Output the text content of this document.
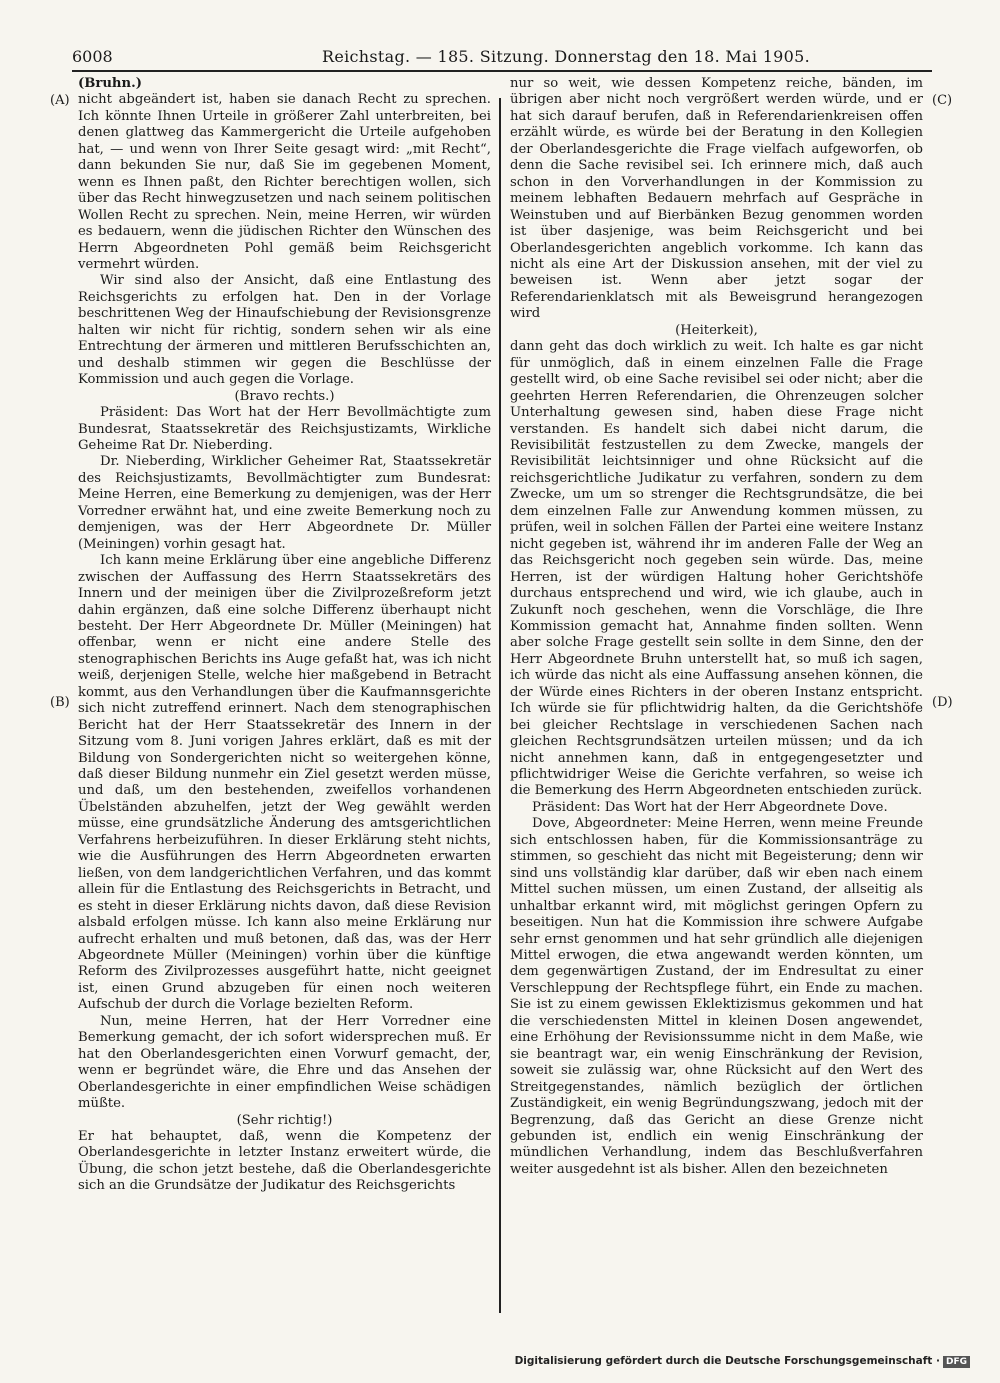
6008	Reichstag. — 185. Sitzung. Donnerstag den 18. Mai 1905.
(A)
(B)
(C)
(D)

(Bruhn.)

nicht abgeändert ist, haben sie danach Recht zu sprechen. Ich könnte Ihnen Urteile in größerer Zahl unterbreiten, bei denen glattweg das Kammergericht die Urteile aufgehoben hat, — und wenn von Ihrer Seite gesagt wird: „mit Recht“, dann bekunden Sie nur, daß Sie im gegebenen Moment, wenn es Ihnen paßt, den Richter berechtigen wollen, sich über das Recht hinwegzusetzen und nach seinem politischen Wollen Recht zu sprechen. Nein, meine Herren, wir würden es bedauern, wenn die jüdischen Richter den Wünschen des Herrn Abgeordneten Pohl gemäß beim Reichsgericht vermehrt würden.

Wir sind also der Ansicht, daß eine Entlastung des Reichsgerichts zu erfolgen hat. Den in der Vorlage beschrittenen Weg der Hinaufschiebung der Revisionsgrenze halten wir nicht für richtig, sondern sehen wir als eine Entrechtung der ärmeren und mittleren Berufsschichten an, und deshalb stimmen wir gegen die Beschlüsse der Kommission und auch gegen die Vorlage.

(Bravo rechts.)

Präsident: Das Wort hat der Herr Bevollmächtigte zum Bundesrat, Staatssekretär des Reichsjustizamts, Wirkliche Geheime Rat Dr. Nieberding.

Dr. Nieberding, Wirklicher Geheimer Rat, Staatssekretär des Reichsjustizamts, Bevollmächtigter zum Bundesrat: Meine Herren, eine Bemerkung zu demjenigen, was der Herr Vorredner erwähnt hat, und eine zweite Bemerkung noch zu demjenigen, was der Herr Abgeordnete Dr. Müller (Meiningen) vorhin gesagt hat.

Ich kann meine Erklärung über eine angebliche Differenz zwischen der Auffassung des Herrn Staatssekretärs des Innern und der meinigen über die Zivilprozeßreform jetzt dahin ergänzen, daß eine solche Differenz überhaupt nicht besteht. Der Herr Abgeordnete Dr. Müller (Meiningen) hat offenbar, wenn er nicht eine andere Stelle des stenographischen Berichts ins Auge gefaßt hat, was ich nicht weiß, derjenigen Stelle, welche hier maßgebend in Betracht kommt, aus den Verhandlungen über die Kaufmannsgerichte sich nicht zutreffend erinnert. Nach dem stenographischen Bericht hat der Herr Staatssekretär des Innern in der Sitzung vom 8. Juni vorigen Jahres erklärt, daß es mit der Bildung von Sondergerichten nicht so weitergehen könne, daß dieser Bildung nunmehr ein Ziel gesetzt werden müsse, und daß, um den bestehenden, zweifellos vorhandenen Übelständen abzuhelfen, jetzt der Weg gewählt werden müsse, eine grundsätzliche Änderung des amtsgerichtlichen Verfahrens herbeizuführen. In dieser Erklärung steht nichts, wie die Ausführungen des Herrn Abgeordneten erwarten ließen, von dem landgerichtlichen Verfahren, und das kommt allein für die Entlastung des Reichsgerichts in Betracht, und es steht in dieser Erklärung nichts davon, daß diese Revision alsbald erfolgen müsse. Ich kann also meine Erklärung nur aufrecht erhalten und muß betonen, daß das, was der Herr Abgeordnete Müller (Meiningen) vorhin über die künftige Reform des Zivilprozesses ausgeführt hatte, nicht geeignet ist, einen Grund abzugeben für einen noch weiteren Aufschub der durch die Vorlage bezielten Reform.

Nun, meine Herren, hat der Herr Vorredner eine Bemerkung gemacht, der ich sofort widersprechen muß. Er hat den Oberlandesgerichten einen Vorwurf gemacht, der, wenn er begründet wäre, die Ehre und das Ansehen der Oberlandesgerichte in einer empfindlichen Weise schädigen müßte.

(Sehr richtig!)

Er hat behauptet, daß, wenn die Kompetenz der Oberlandesgerichte in letzter Instanz erweitert würde, die Übung, die schon jetzt bestehe, daß die Oberlandesgerichte sich an die Grundsätze der Judikatur des Reichsgerichts

nur so weit, wie dessen Kompetenz reiche, bänden, im übrigen aber nicht noch vergrößert werden würde, und er hat sich darauf berufen, daß in Referendarienkreisen offen erzählt würde, es würde bei der Beratung in den Kollegien der Oberlandesgerichte die Frage vielfach aufgeworfen, ob denn die Sache revisibel sei. Ich erinnere mich, daß auch schon in den Vorverhandlungen in der Kommission zu meinem lebhaften Bedauern mehrfach auf Gespräche in Weinstuben und auf Bierbänken Bezug genommen worden ist über dasjenige, was beim Reichsgericht und bei Oberlandesgerichten angeblich vorkomme. Ich kann das nicht als eine Art der Diskussion ansehen, mit der viel zu beweisen ist. Wenn aber jetzt sogar der Referendarienklatsch mit als Beweisgrund herangezogen wird

(Heiterkeit),

dann geht das doch wirklich zu weit. Ich halte es gar nicht für unmöglich, daß in einem einzelnen Falle die Frage gestellt wird, ob eine Sache revisibel sei oder nicht; aber die geehrten Herren Referendarien, die Ohrenzeugen solcher Unterhaltung gewesen sind, haben diese Frage nicht verstanden. Es handelt sich dabei nicht darum, die Revisibilität festzustellen zu dem Zwecke, mangels der Revisibilität leichtsinniger und ohne Rücksicht auf die reichsgerichtliche Judikatur zu verfahren, sondern zu dem Zwecke, um um so strenger die Rechtsgrundsätze, die bei dem einzelnen Falle zur Anwendung kommen müssen, zu prüfen, weil in solchen Fällen der Partei eine weitere Instanz nicht gegeben ist, während ihr im anderen Falle der Weg an das Reichsgericht noch gegeben sein würde. Das, meine Herren, ist der würdigen Haltung hoher Gerichtshöfe durchaus entsprechend und wird, wie ich glaube, auch in Zukunft noch geschehen, wenn die Vorschläge, die Ihre Kommission gemacht hat, Annahme finden sollten. Wenn aber solche Frage gestellt sein sollte in dem Sinne, den der Herr Abgeordnete Bruhn unterstellt hat, so muß ich sagen, ich würde das nicht als eine Auffassung ansehen können, die der Würde eines Richters in der oberen Instanz entspricht. Ich würde sie für pflichtwidrig halten, da die Gerichtshöfe bei gleicher Rechtslage in verschiedenen Sachen nach gleichen Rechtsgrundsätzen urteilen müssen; und da ich nicht annehmen kann, daß in entgegengesetzter und pflichtwidriger Weise die Gerichte verfahren, so weise ich die Bemerkung des Herrn Abgeordneten entschieden zurück.

Präsident: Das Wort hat der Herr Abgeordnete Dove.

Dove, Abgeordneter: Meine Herren, wenn meine Freunde sich entschlossen haben, für die Kommissionsanträge zu stimmen, so geschieht das nicht mit Begeisterung; denn wir sind uns vollständig klar darüber, daß wir eben nach einem Mittel suchen müssen, um einen Zustand, der allseitig als unhaltbar erkannt wird, mit möglichst geringen Opfern zu beseitigen. Nun hat die Kommission ihre schwere Aufgabe sehr ernst genommen und hat sehr gründlich alle diejenigen Mittel erwogen, die etwa angewandt werden könnten, um dem gegenwärtigen Zustand, der im Endresultat zu einer Verschleppung der Rechtspflege führt, ein Ende zu machen. Sie ist zu einem gewissen Eklektizismus gekommen und hat die verschiedensten Mittel in kleinen Dosen angewendet, eine Erhöhung der Revisionssumme nicht in dem Maße, wie sie beantragt war, ein wenig Einschränkung der Revision, soweit sie zulässig war, ohne Rücksicht auf den Wert des Streitgegenstandes, nämlich bezüglich der örtlichen Zuständigkeit, ein wenig Begründungszwang, jedoch mit der Begrenzung, daß das Gericht an diese Grenze nicht gebunden ist, endlich ein wenig Einschränkung der mündlichen Verhandlung, indem das Beschlußverfahren weiter ausgedehnt ist als bisher. Allen den bezeichneten

Digitalisierung gefördert durch die Deutsche Forschungsgemeinschaft · DFG
